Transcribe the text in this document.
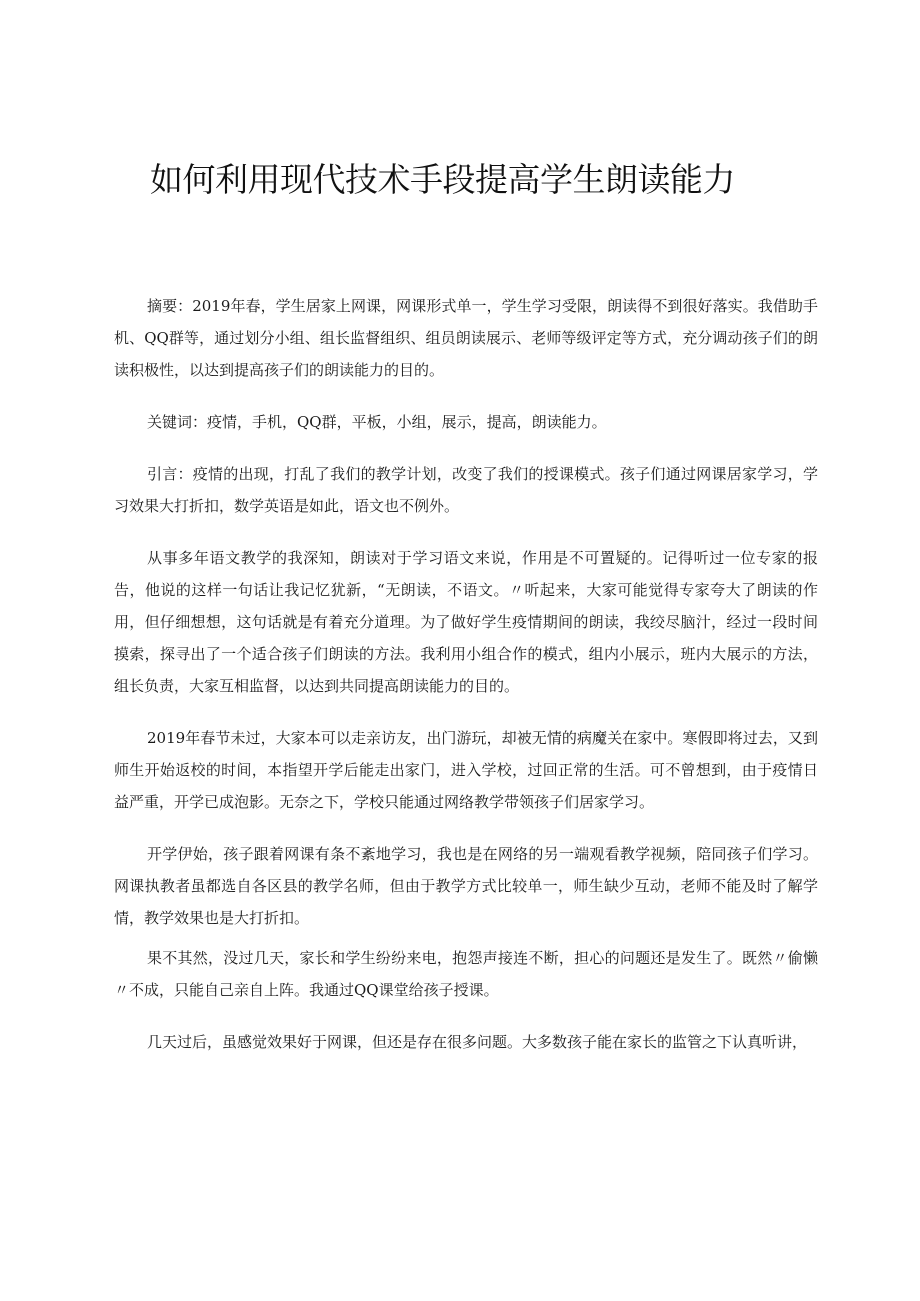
如何利用现代技术手段提高学生朗读能力

摘要：2019年春，学生居家上网课，网课形式单一，学生学习受限，朗读得不到很好落实。我借助手机、QQ群等，通过划分小组、组长监督组织、组员朗读展示、老师等级评定等方式，充分调动孩子们的朗读积极性，以达到提高孩子们的朗读能力的目的。

关键词：疫情，手机，QQ群，平板，小组，展示，提高，朗读能力。

引言：疫情的出现，打乱了我们的教学计划，改变了我们的授课模式。孩子们通过网课居家学习，学习效果大打折扣，数学英语是如此，语文也不例外。

从事多年语文教学的我深知，朗读对于学习语文来说，作用是不可置疑的。记得听过一位专家的报告，他说的这样一句话让我记忆犹新，“无朗读，不语文。〃听起来，大家可能觉得专家夸大了朗读的作用，但仔细想想，这句话就是有着充分道理。为了做好学生疫情期间的朗读，我绞尽脑汁，经过一段时间摸索，探寻出了一个适合孩子们朗读的方法。我利用小组合作的模式，组内小展示，班内大展示的方法，组长负责，大家互相监督，以达到共同提高朗读能力的目的。

2019年春节未过，大家本可以走亲访友，出门游玩，却被无情的病魔关在家中。寒假即将过去，又到师生开始返校的时间，本指望开学后能走出家门，进入学校，过回正常的生活。可不曾想到，由于疫情日益严重，开学已成泡影。无奈之下，学校只能通过网络教学带领孩子们居家学习。

开学伊始，孩子跟着网课有条不紊地学习，我也是在网络的另一端观看教学视频，陪同孩子们学习。网课执教者虽都选自各区县的教学名师，但由于教学方式比较单一，师生缺少互动，老师不能及时了解学情，教学效果也是大打折扣。

果不其然，没过几天，家长和学生纷纷来电，抱怨声接连不断，担心的问题还是发生了。既然〃偷懒〃不成，只能自己亲自上阵。我通过QQ课堂给孩子授课。

几天过后，虽感觉效果好于网课，但还是存在很多问题。大多数孩子能在家长的监管之下认真听讲，
